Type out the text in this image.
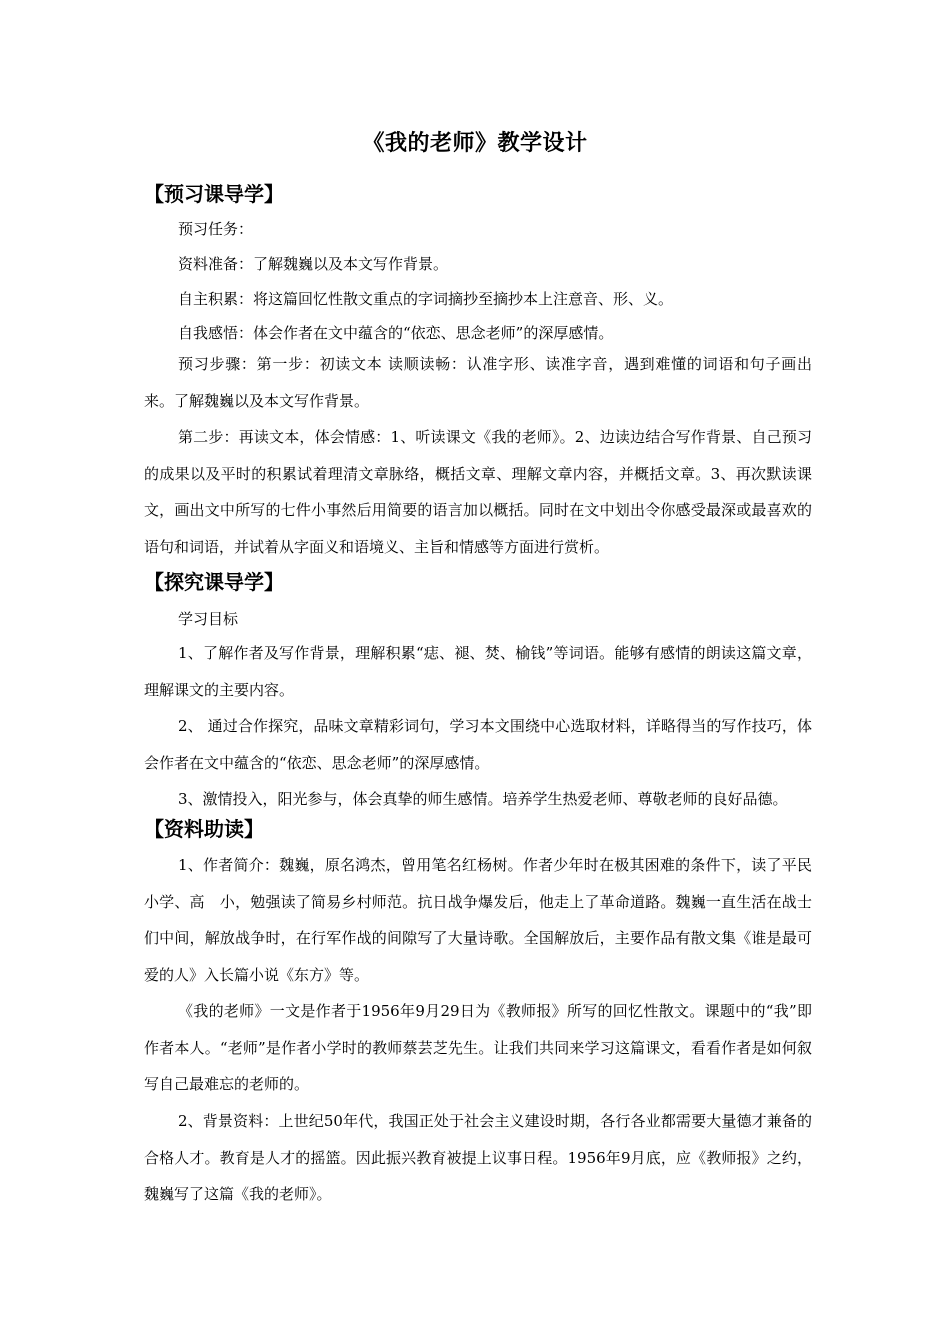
《我的老师》教学设计
【预习课导学】
预习任务：
资料准备：了解魏巍以及本文写作背景。
自主积累：将这篇回忆性散文重点的字词摘抄至摘抄本上注意音、形、义。
自我感悟：体会作者在文中蕴含的“依恋、思念老师”的深厚感情。

预习步骤：第一步：初读文本 读顺读畅：认准字形、读准字音，遇到难懂的词语和句子画出来。了解魏巍以及本文写作背景。

第二步：再读文本，体会情感：1、听读课文《我的老师》。2、边读边结合写作背景、自己预习的成果以及平时的积累试着理清文章脉络，概括文章、理解文章内容，并概括文章。3、再次默读课文，画出文中所写的七件小事然后用简要的语言加以概括。同时在文中划出令你感受最深或最喜欢的语句和词语，并试着从字面义和语境义、主旨和情感等方面进行赏析。

【探究课导学】
学习目标

1、了解作者及写作背景，理解积累“痣、褪、焚、榆钱”等词语。能够有感情的朗读这篇文章，理解课文的主要内容。

2、 通过合作探究，品味文章精彩词句，学习本文围绕中心选取材料，详略得当的写作技巧，体会作者在文中蕴含的“依恋、思念老师”的深厚感情。

3、激情投入，阳光参与，体会真挚的师生感情。培养学生热爱老师、尊敬老师的良好品德。

【资料助读】

1、作者简介：魏巍，原名鸿杰，曾用笔名红杨树。作者少年时在极其困难的条件下，读了平民小学、高　小，勉强读了简易乡村师范。抗日战争爆发后，他走上了革命道路。魏巍一直生活在战士们中间，解放战争时，在行军作战的间隙写了大量诗歌。全国解放后，主要作品有散文集《谁是最可爱的人》入长篇小说《东方》等。

《我的老师》一文是作者于1956年9月29日为《教师报》所写的回忆性散文。课题中的“我”即作者本人。“老师”是作者小学时的教师蔡芸芝先生。让我们共同来学习这篇课文，看看作者是如何叙写自己最难忘的老师的。

2、背景资料：上世纪50年代，我国正处于社会主义建设时期，各行各业都需要大量德才兼备的合格人才。教育是人才的摇篮。因此振兴教育被提上议事日程。1956年9月底，应《教师报》之约，魏巍写了这篇《我的老师》。
